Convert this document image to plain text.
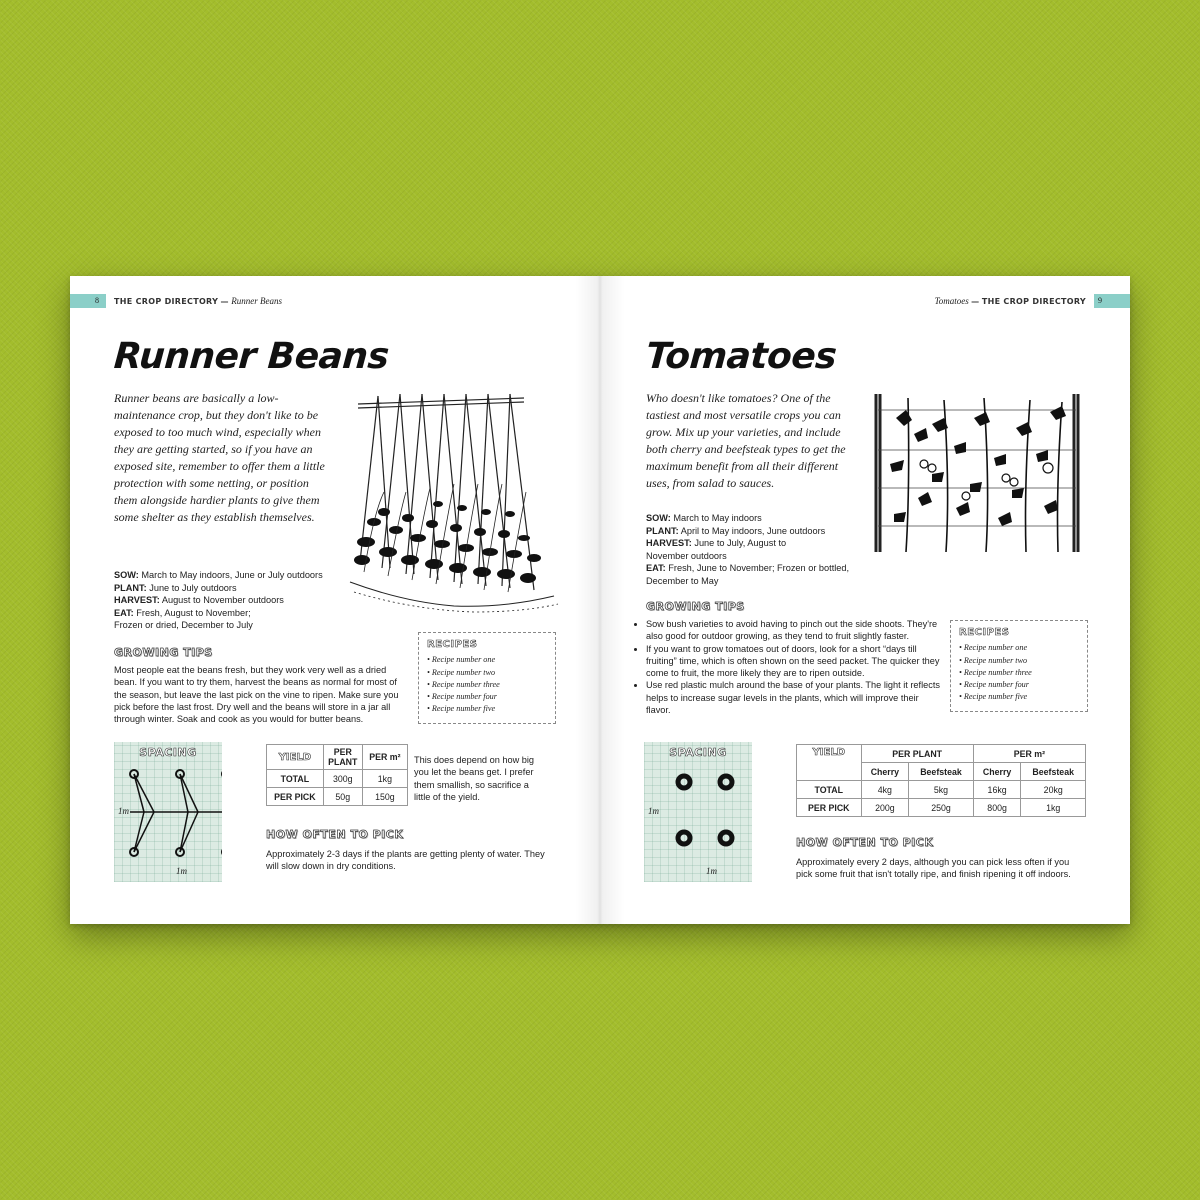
8 THE CROP DIRECTORY — Runner Beans
Runner Beans
Runner beans are basically a low-maintenance crop, but they don't like to be exposed to too much wind, especially when they are getting started, so if you have an exposed site, remember to offer them a little protection with some netting, or position them alongside hardier plants to give them some shelter as they establish themselves.
SOW: March to May indoors, June or July outdoors
PLANT: June to July outdoors
HARVEST: August to November outdoors
EAT: Fresh, August to November; Frozen or dried, December to July
GROWING TIPS
Most people eat the beans fresh, but they work very well as a dried bean. If you want to try them, harvest the beans as normal for most of the season, but leave the last pick on the vine to ripen. Make sure you pick before the last frost. Dry well and the beans will store in a jar all through winter. Soak and cook as you would for butter beans.
RECIPES
• Recipe number one
• Recipe number two
• Recipe number three
• Recipe number four
• Recipe number five
SPACING
1m
1m
YIELD	PER PLANT	PER m²
TOTAL	300g	1kg
PER PICK	50g	150g
This does depend on how big you let the beans get. I prefer them smallish, so sacrifice a little of the yield.
HOW OFTEN TO PICK
Approximately 2-3 days if the plants are getting plenty of water. They will slow down in dry conditions.
Tomatoes — THE CROP DIRECTORY 9
Tomatoes
Who doesn't like tomatoes? One of the tastiest and most versatile crops you can grow. Mix up your varieties, and include both cherry and beefsteak types to get the maximum benefit from all their different uses, from salad to sauces.
SOW: March to May indoors
PLANT: April to May indoors, June outdoors
HARVEST: June to July, August to November outdoors
EAT: Fresh, June to November; Frozen or bottled, December to May
GROWING TIPS
• Sow bush varieties to avoid having to pinch out the side shoots. They're also good for outdoor growing, as they tend to fruit slightly faster.
• If you want to grow tomatoes out of doors, look for a short “days till fruiting” time, which is often shown on the seed packet. The quicker they come to fruit, the more likely they are to ripen outside.
• Use red plastic mulch around the base of your plants. The light it reflects helps to increase sugar levels in the plants, which will improve their flavor.
RECIPES
• Recipe number one
• Recipe number two
• Recipe number three
• Recipe number four
• Recipe number five
SPACING
1m
1m
YIELD	PER PLANT		PER m²	
	Cherry	Beefsteak	Cherry	Beefsteak
TOTAL	4kg	5kg	16kg	20kg
PER PICK	200g	250g	800g	1kg
HOW OFTEN TO PICK
Approximately every 2 days, although you can pick less often if you pick some fruit that isn't totally ripe, and finish ripening it off indoors.
